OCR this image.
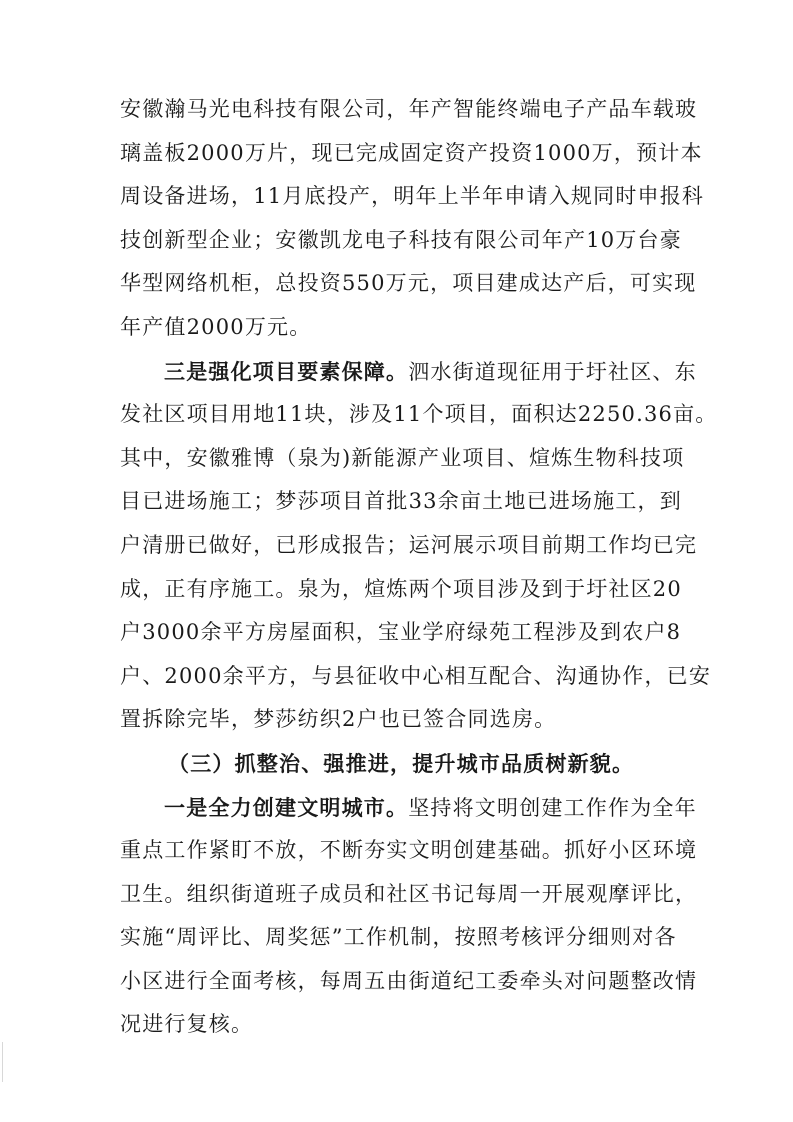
安徽瀚马光电科技有限公司，年产智能终端电子产品车载玻
璃盖板2000万片，现已完成固定资产投资1000万，预计本
周设备进场，11月底投产，明年上半年申请入规同时申报科
技创新型企业；安徽凯龙电子科技有限公司年产10万台豪
华型网络机柜，总投资550万元，项目建成达产后，可实现
年产值2000万元。
三是强化项目要素保障。泗水街道现征用于圩社区、东
发社区项目用地11块，涉及11个项目，面积达2250.36亩。
其中，安徽雅博（泉为)新能源产业项目、煊炼生物科技项
目已进场施工；梦莎项目首批33余亩土地已进场施工，到
户清册已做好，已形成报告；运河展示项目前期工作均已完
成，正有序施工。泉为，煊炼两个项目涉及到于圩社区20
户3000余平方房屋面积，宝业学府绿苑工程涉及到农户8
户、2000余平方，与县征收中心相互配合、沟通协作，已安
置拆除完毕，梦莎纺织2户也已签合同选房。
（三）抓整治、强推进，提升城市品质树新貌。
一是全力创建文明城市。坚持将文明创建工作作为全年
重点工作紧盯不放，不断夯实文明创建基础。抓好小区环境
卫生。组织街道班子成员和社区书记每周一开展观摩评比，
实施“周评比、周奖惩”工作机制，按照考核评分细则对各
小区进行全面考核，每周五由街道纪工委牵头对问题整改情
况进行复核。
